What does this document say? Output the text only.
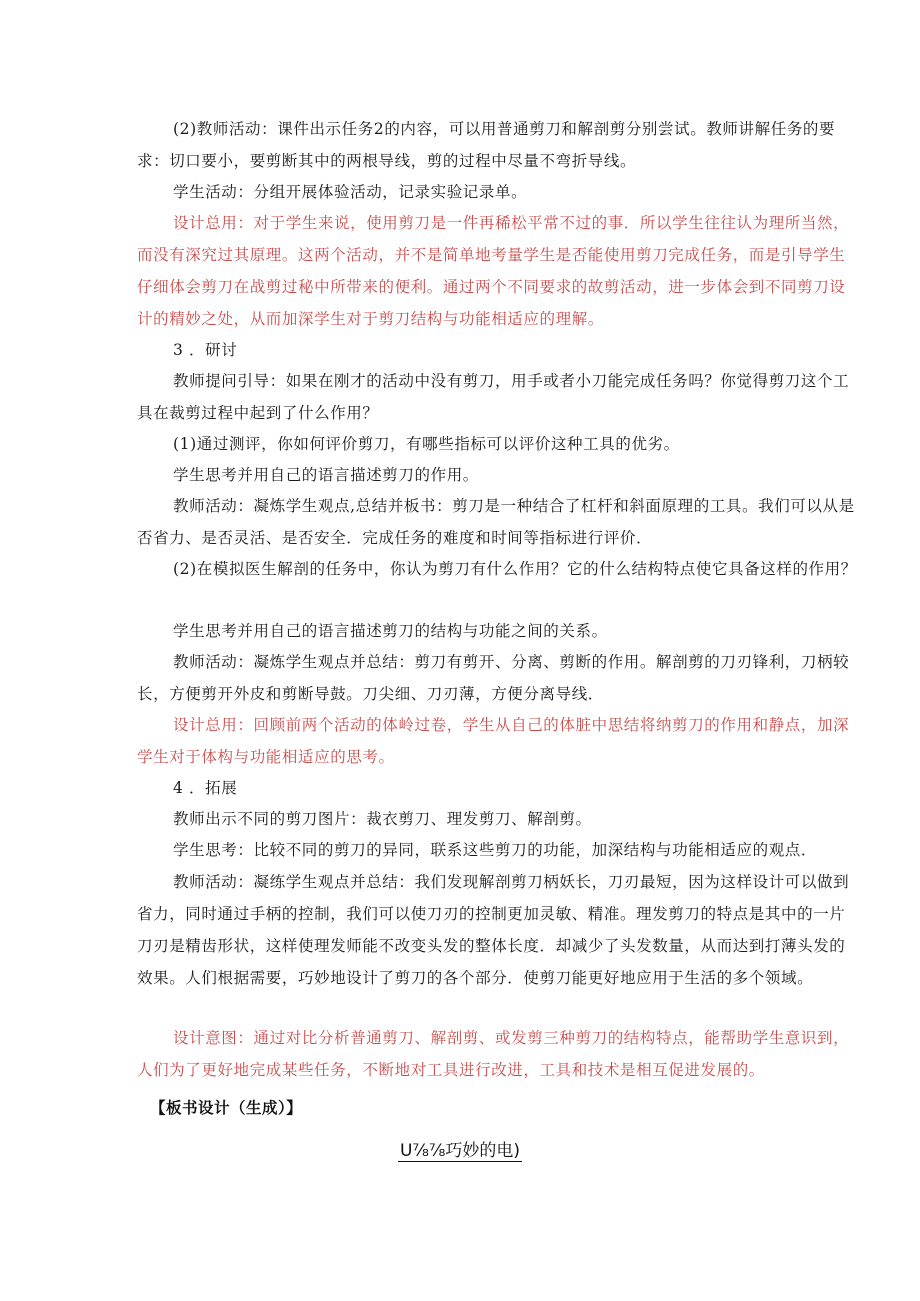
(2)教师活动：课件出示任务2的内容，可以用普通剪刀和解剖剪分别尝试。教师讲解任务的要求：切口要小，要剪断其中的两根导线，剪的过程中尽量不弯折导线。

学生活动：分组开展体验活动，记录实验记录单。

设计总用：对于学生来说，使用剪刀是一件再稀松平常不过的事．所以学生往往认为理所当然，而没有深究过其原理。这两个活动，并不是简单地考量学生是否能使用剪刀完成任务，而是引导学生仔细体会剪刀在战剪过秘中所带来的便利。通过两个不同要求的故剪活动，进一步体会到不同剪刀设计的精妙之处，从而加深学生对于剪刀结构与功能相适应的理解。

3 ．研讨

教师提问引导：如果在刚才的活动中没有剪刀，用手或者小刀能完成任务吗？你觉得剪刀这个工具在裁剪过程中起到了什么作用？

(1)通过测评，你如何评价剪刀，有哪些指标可以评价这种工具的优劣。

学生思考并用自己的语言描述剪刀的作用。

教师活动：凝炼学生观点,总结并板书：剪刀是一种结合了杠杆和斜面原理的工具。我们可以从是否省力、是否灵活、是否安全．完成任务的难度和时间等指标进行评价．

(2)在模拟医生解剖的任务中，你认为剪刀有什么作用？它的什么结构特点使它具备这样的作用？

学生思考并用自己的语言描述剪刀的结构与功能之间的关系。

教师活动：凝炼学生观点并总结：剪刀有剪开、分离、剪断的作用。解剖剪的刀刃锋利，刀柄较长，方便剪开外皮和剪断导鼓。刀尖细、刀刃薄，方便分离导线．

设计总用：回顾前两个活动的体岭过卷，学生从自己的体脏中思结将纳剪刀的作用和静点，加深学生对于体构与功能相适应的思考。

4 ．拓展

教师出示不同的剪刀图片：裁衣剪刀、理发剪刀、解剖剪。

学生思考：比较不同的剪刀的异同，联系这些剪刀的功能，加深结构与功能相适应的观点．

教师活动：凝练学生观点并总结：我们发现解剖剪刀柄妖长，刀刃最短，因为这样设计可以做到省力，同时通过手柄的控制，我们可以使刀刃的控制更加灵敏、精准。理发剪刀的特点是其中的一片刀刃是精齿形状，这样使理发师能不改变头发的整体长度．却减少了头发数量，从而达到打薄头发的效果。人们根据需要，巧妙地设计了剪刀的各个部分．使剪刀能更好地应用于生活的多个领域。

设计意图：通过对比分析普通剪刀、解剖剪、或发剪三种剪刀的结构特点，能帮助学生意识到，人们为了更好地完成某些任务，不断地对工具进行改进，工具和技术是相互促进发展的。

【板书设计（生成）】
U⅞⅞巧妙的电)
